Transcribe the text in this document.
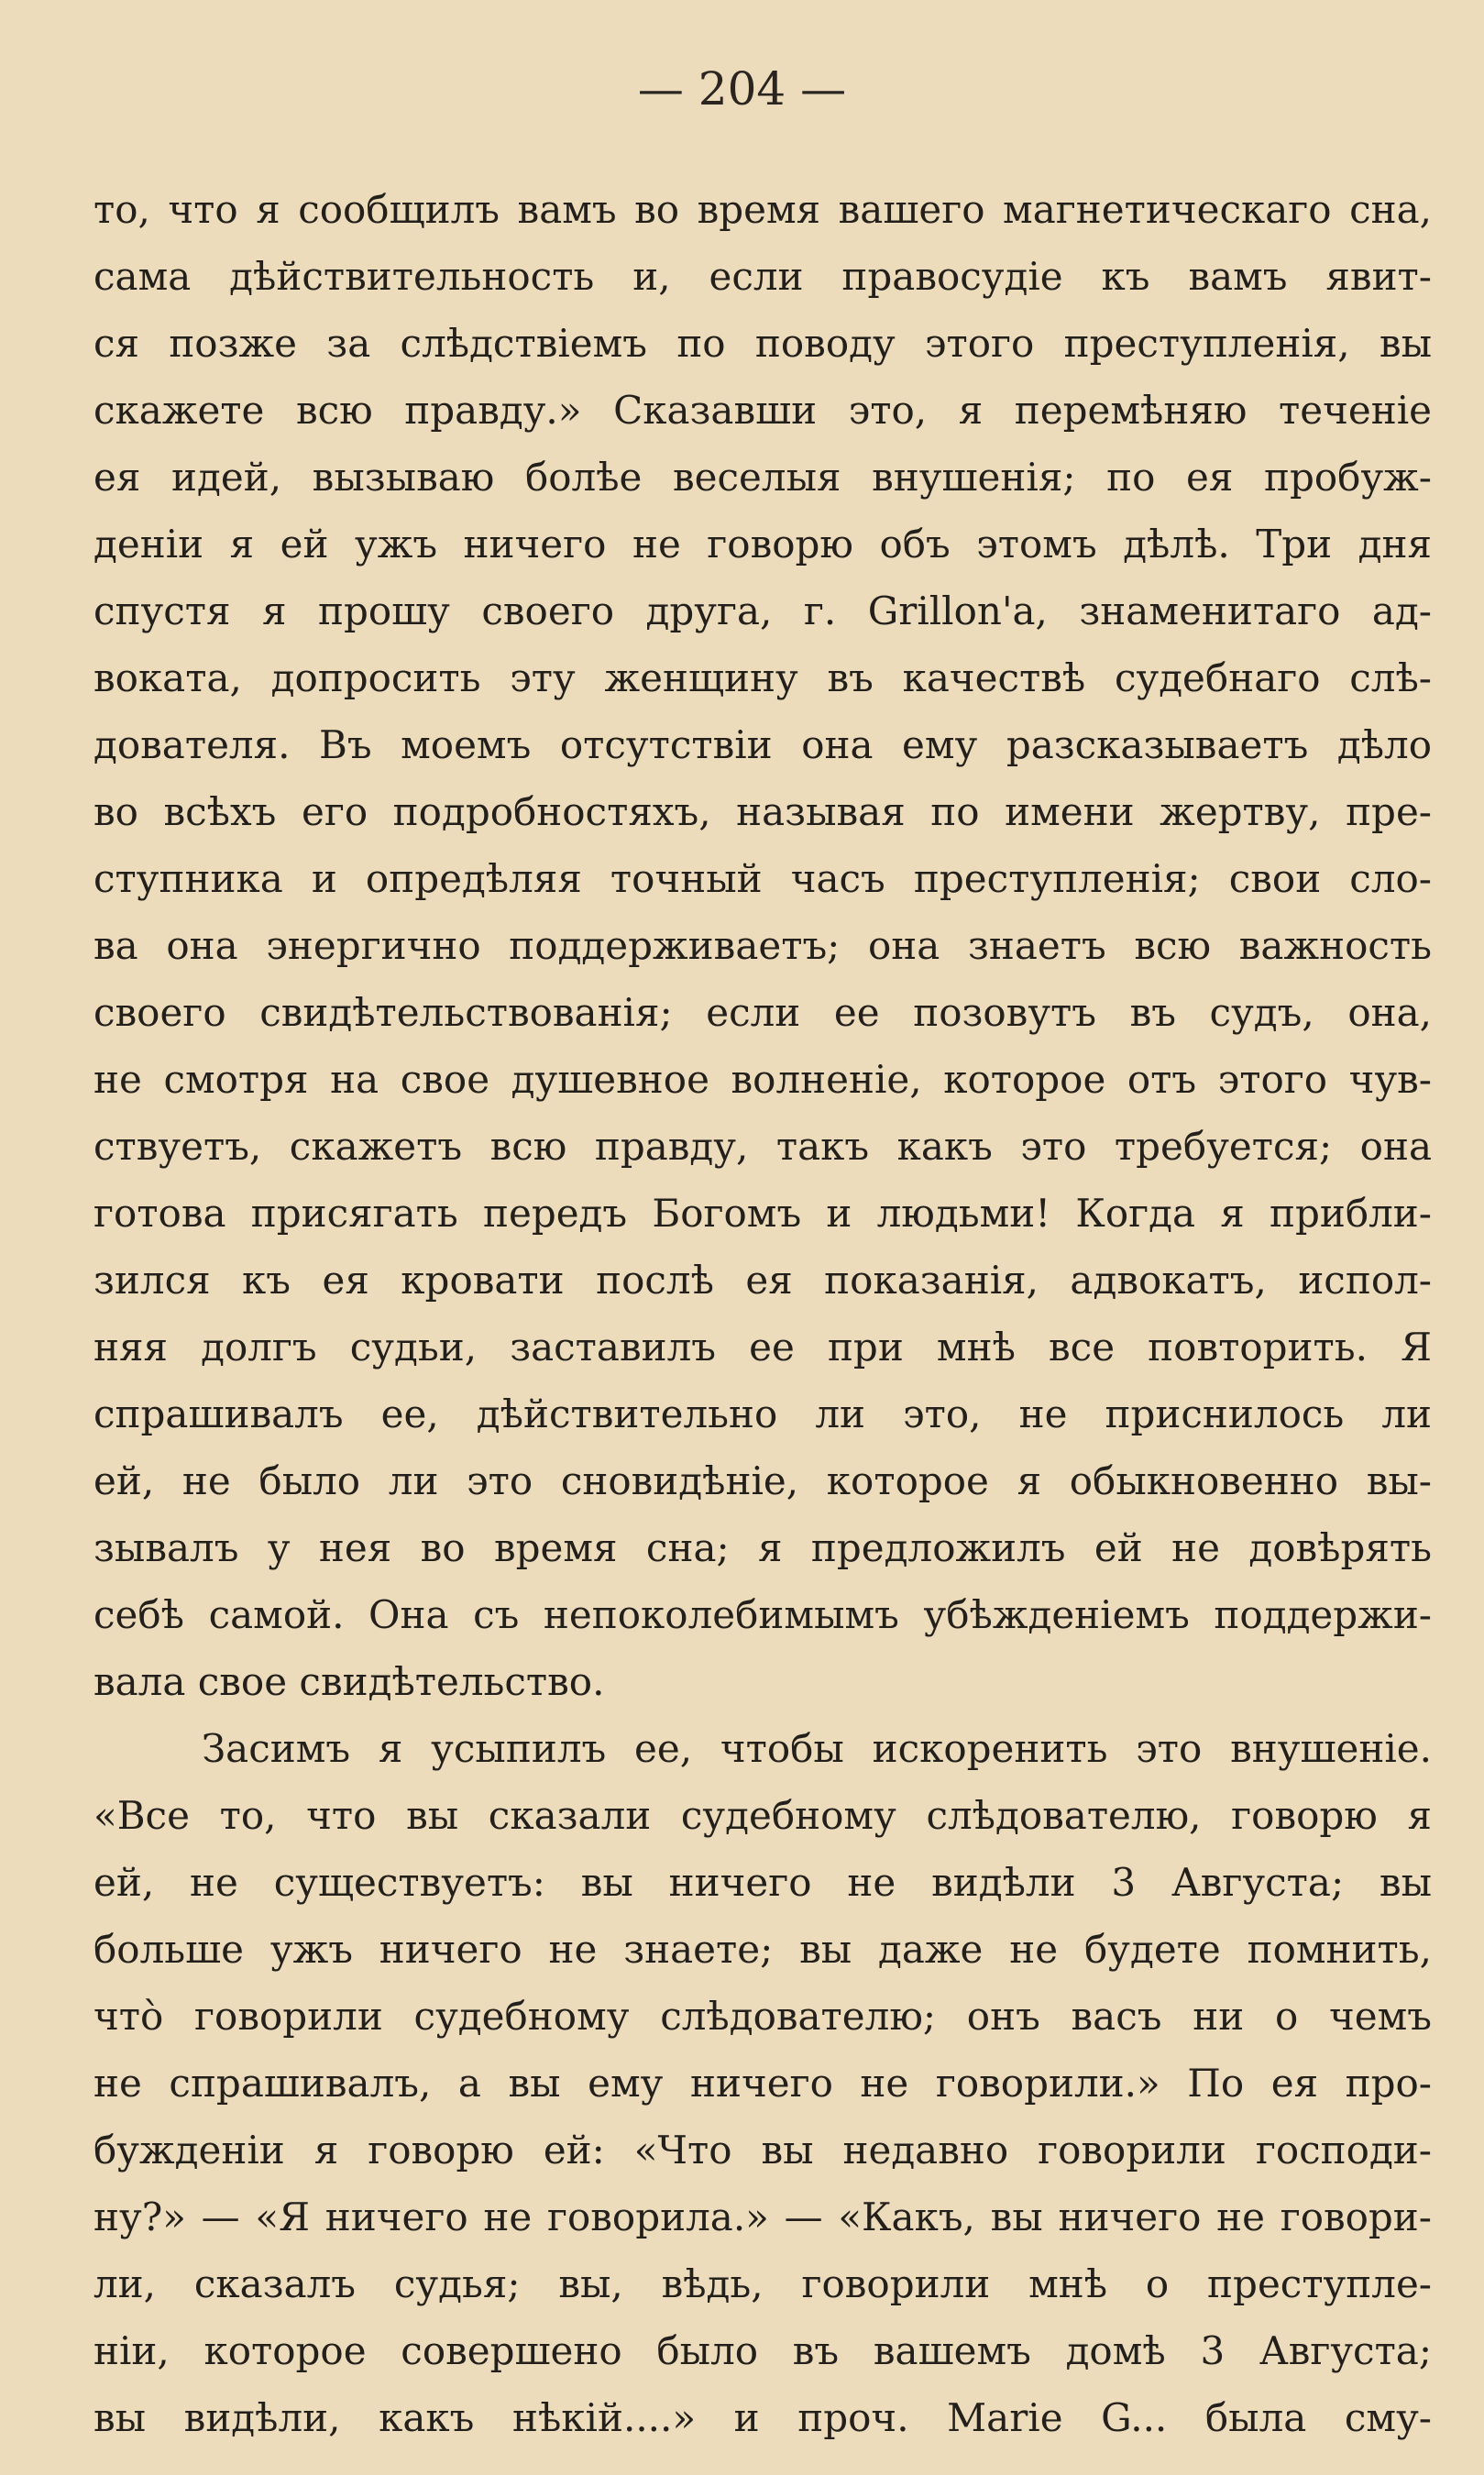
— 204 —
то, что я сообщилъ вамъ во время вашего магнетическаго сна,
сама дѣйствительность и, если правосудіе къ вамъ явит-
ся позже за слѣдствіемъ по поводу этого преступленія, вы
скажете всю правду.» Сказавши это, я перемѣняю теченіе
ея идей, вызываю болѣе веселыя внушенія; по ея пробуж-
деніи я ей ужъ ничего не говорю объ этомъ дѣлѣ. Три дня
спустя я прошу своего друга, г. Grillon'а, знаменитаго ад-
воката, допросить эту женщину въ качествѣ судебнаго слѣ-
дователя. Въ моемъ отсутствіи она ему разсказываетъ дѣло
во всѣхъ его подробностяхъ, называя по имени жертву, пре-
ступника и опредѣляя точный часъ преступленія; свои сло-
ва она энергично поддерживаетъ; она знаетъ всю важность
своего свидѣтельствованія; если ее позовутъ въ судъ, она,
не смотря на свое душевное волненіе, которое отъ этого чув-
ствуетъ, скажетъ всю правду, такъ какъ это требуется; она
готова присягать передъ Богомъ и людьми! Когда я прибли-
зился къ ея кровати послѣ ея показанія, адвокатъ, испол-
няя долгъ судьи, заставилъ ее при мнѣ все повторить. Я
спрашивалъ ее, дѣйствительно ли это, не приснилось ли
ей, не было ли это сновидѣніе, которое я обыкновенно вы-
зывалъ у нея во время сна; я предложилъ ей не довѣрять
себѣ самой. Она съ непоколебимымъ убѣжденіемъ поддержи-
вала свое свидѣтельство.
Засимъ я усыпилъ ее, чтобы искоренить это внушеніе.
«Все то, что вы сказали судебному слѣдователю, говорю я
ей, не существуетъ: вы ничего не видѣли 3 Августа; вы
больше ужъ ничего не знаете; вы даже не будете помнить,
что̀ говорили судебному слѣдователю; онъ васъ ни о чемъ
не спрашивалъ, а вы ему ничего не говорили.» По ея про-
бужденіи я говорю ей: «Что вы недавно говорили господи-
ну?» — «Я ничего не говорила.» — «Какъ, вы ничего не говори-
ли, сказалъ судья; вы, вѣдь, говорили мнѣ о преступле-
ніи, которое совершено было въ вашемъ домѣ 3 Августа;
вы видѣли, какъ нѣкій....» и проч. Marie G... была сму-
